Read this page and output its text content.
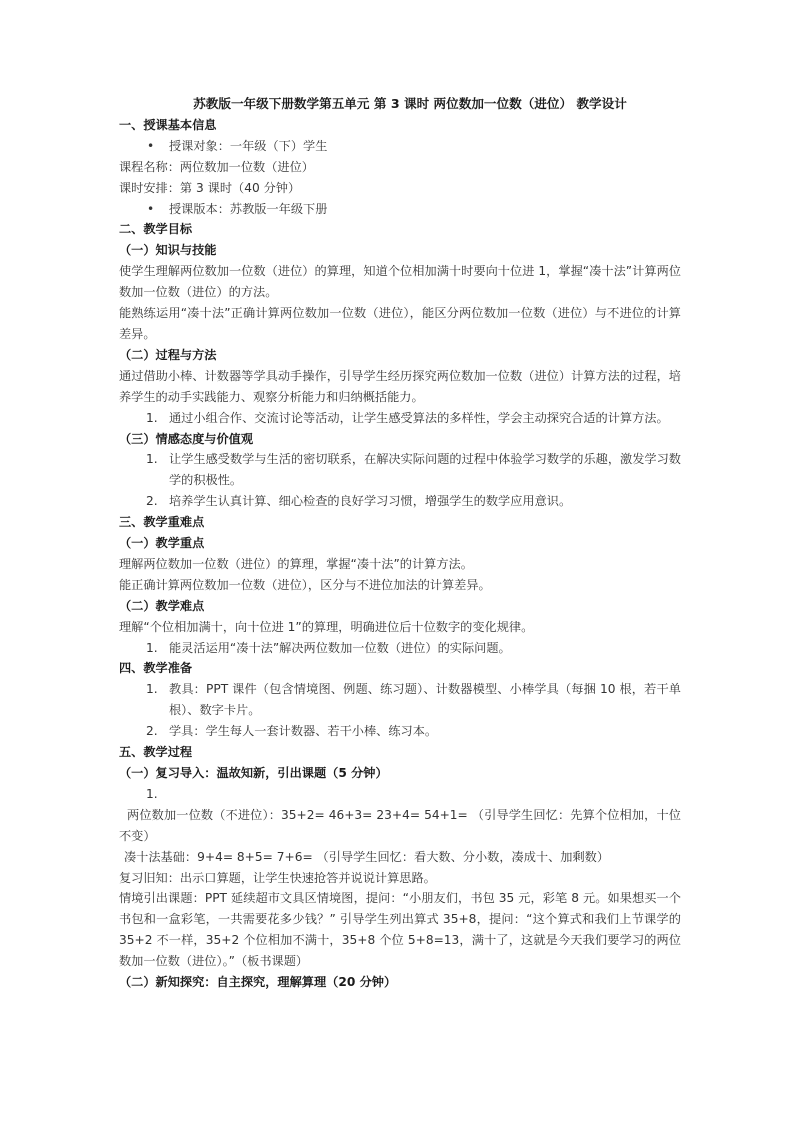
苏教版一年级下册数学第五单元 第 3 课时 两位数加一位数（进位） 教学设计
一、授课基本信息
• 授课对象：一年级（下）学生
课程名称：两位数加一位数（进位）
课时安排：第 3 课时（40 分钟）
• 授课版本：苏教版一年级下册
二、教学目标
（一）知识与技能
使学生理解两位数加一位数（进位）的算理，知道个位相加满十时要向十位进 1，掌握“凑十法”计算两位数加一位数（进位）的方法。
能熟练运用“凑十法”正确计算两位数加一位数（进位），能区分两位数加一位数（进位）与不进位的计算差异。
（二）过程与方法
通过借助小棒、计数器等学具动手操作，引导学生经历探究两位数加一位数（进位）计算方法的过程，培养学生的动手实践能力、观察分析能力和归纳概括能力。
1. 通过小组合作、交流讨论等活动，让学生感受算法的多样性，学会主动探究合适的计算方法。
（三）情感态度与价值观
1. 让学生感受数学与生活的密切联系，在解决实际问题的过程中体验学习数学的乐趣，激发学习数学的积极性。
2. 培养学生认真计算、细心检查的良好学习习惯，增强学生的数学应用意识。
三、教学重难点
（一）教学重点
理解两位数加一位数（进位）的算理，掌握“凑十法”的计算方法。
能正确计算两位数加一位数（进位），区分与不进位加法的计算差异。
（二）教学难点
理解“个位相加满十，向十位进 1”的算理，明确进位后十位数字的变化规律。
1. 能灵活运用“凑十法”解决两位数加一位数（进位）的实际问题。
四、教学准备
1. 教具：PPT 课件（包含情境图、例题、练习题）、计数器模型、小棒学具（每捆 10 根，若干单根）、数字卡片。
2. 学具：学生每人一套计数器、若干小棒、练习本。
五、教学过程
（一）复习导入：温故知新，引出课题（5 分钟）
1.
两位数加一位数（不进位）：35+2= 46+3= 23+4= 54+1= （引导学生回忆：先算个位相加，十位不变）
凑十法基础：9+4= 8+5= 7+6= （引导学生回忆：看大数、分小数，凑成十、加剩数）
复习旧知：出示口算题，让学生快速抢答并说说计算思路。
情境引出课题：PPT 延续超市文具区情境图，提问：“小朋友们，书包 35 元，彩笔 8 元。如果想买一个书包和一盒彩笔，一共需要花多少钱？” 引导学生列出算式 35+8，提问：“这个算式和我们上节课学的 35+2 不一样，35+2 个位相加不满十，35+8 个位 5+8=13，满十了，这就是今天我们要学习的两位数加一位数（进位）。”（板书课题）
（二）新知探究：自主探究，理解算理（20 分钟）
